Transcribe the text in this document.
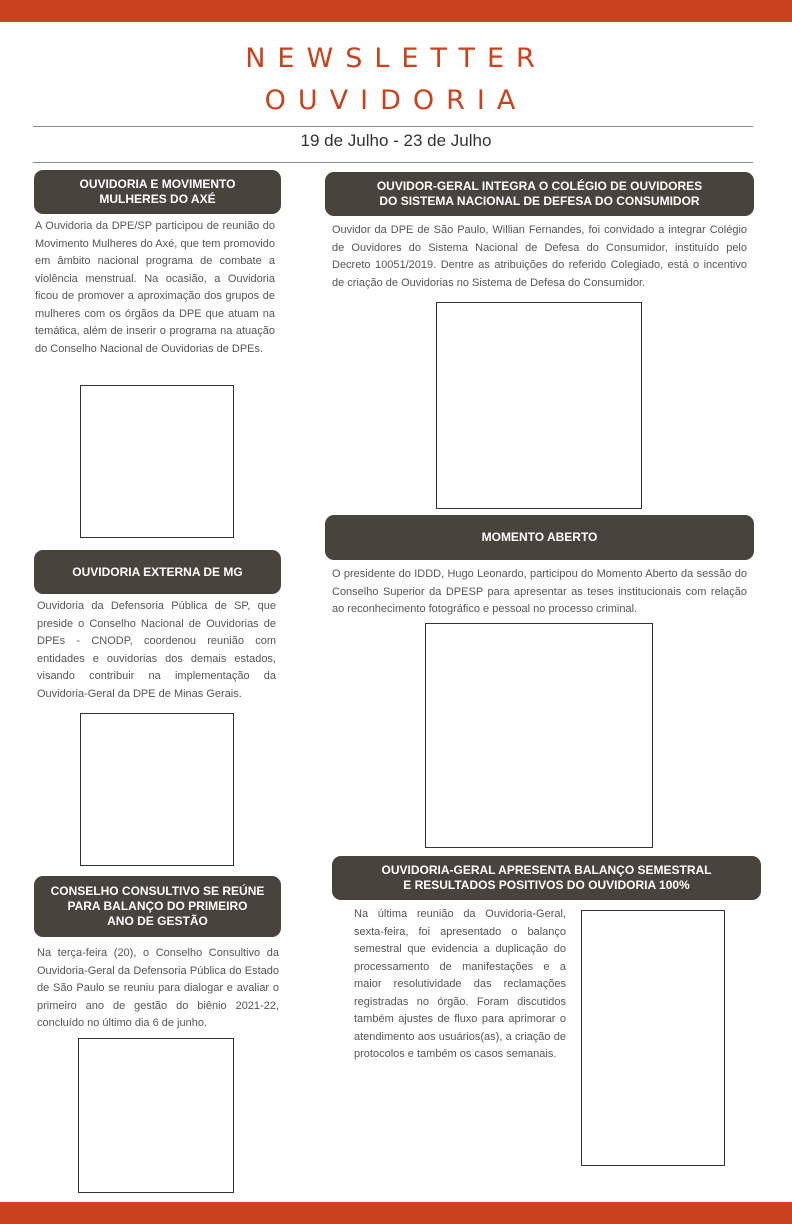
newsletter
ouvidoria
19 de Julho - 23 de Julho
OUVIDORIA E MOVIMENTO
MULHERES DO AXÉ
A Ouvidoria da DPE/SP participou de reunião do Movimento Mulheres do Axé, que tem promovido em âmbito nacional programa de combate a violência menstrual. Na ocasião, a Ouvidoria ficou de promover a aproximação dos grupos de mulheres com os órgãos da DPE que atuam na temática, além de inserir o programa na atuação do Conselho Nacional de Ouvidorias de DPEs.
OUVIDORIA EXTERNA DE MG
Ouvidoria da Defensoria Pública de SP, que preside o Conselho Nacional de Ouvidorias de DPEs - CNODP, coordenou reunião com entidades e ouvidorias dos demais estados, visando contribuir na implementação da Ouvidoria-Geral da DPE de Minas Gerais.
CONSELHO CONSULTIVO SE REÚNE
PARA BALANÇO DO PRIMEIRO
ANO DE GESTÃO
Na terça-feira (20), o Conselho Consultivo da Ouvidoria-Geral da Defensoria Pública do Estado de São Paulo se reuniu para dialogar e avaliar o primeiro ano de gestão do biênio 2021-22, concluído no último dia 6 de junho.
OUVIDOR-GERAL INTEGRA O COLÉGIO DE OUVIDORES
DO SISTEMA NACIONAL DE DEFESA DO CONSUMIDOR
Ouvidor da DPE de São Paulo, Willian Fernandes, foi convidado a integrar Colégio de Ouvidores do Sistema Nacional de Defesa do Consumidor, instituído pelo Decreto 10051/2019. Dentre as atribuições do referido Colegiado, está o incentivo de criação de Ouvidorias no Sistema de Defesa do Consumidor.
MOMENTO ABERTO
O presidente do IDDD, Hugo Leonardo, participou do Momento Aberto da sessão do Conselho Superior da DPESP para apresentar as teses institucionais com relação ao reconhecimento fotográfico e pessoal no processo criminal.
OUVIDORIA-GERAL APRESENTA BALANÇO SEMESTRAL
E RESULTADOS POSITIVOS DO OUVIDORIA 100%
Na última reunião da Ouvidoria-Geral, sexta-feira, foi apresentado o balanço semestral que evidencia a duplicação do processamento de manifestações e a maior resolutividade das reclamações registradas no órgão. Foram discutidos também ajustes de fluxo para aprimorar o atendimento aos usuários(as), a criação de protocolos e também os casos semanais.
